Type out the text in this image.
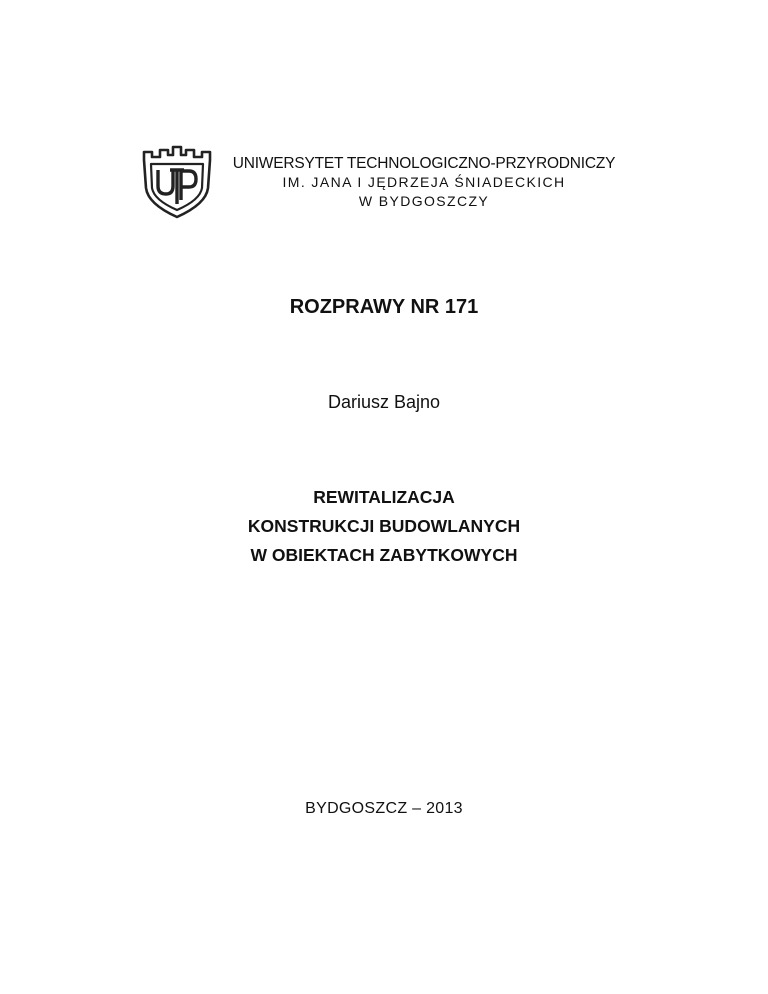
UNIWERSYTET TECHNOLOGICZNO-PRZYRODNICZY
IM. JANA I JĘDRZEJA ŚNIADECKICH
W BYDGOSZCZY
ROZPRAWY NR 171
Dariusz Bajno
REWITALIZACJA
KONSTRUKCJI BUDOWLANYCH
W OBIEKTACH ZABYTKOWYCH
BYDGOSZCZ – 2013
